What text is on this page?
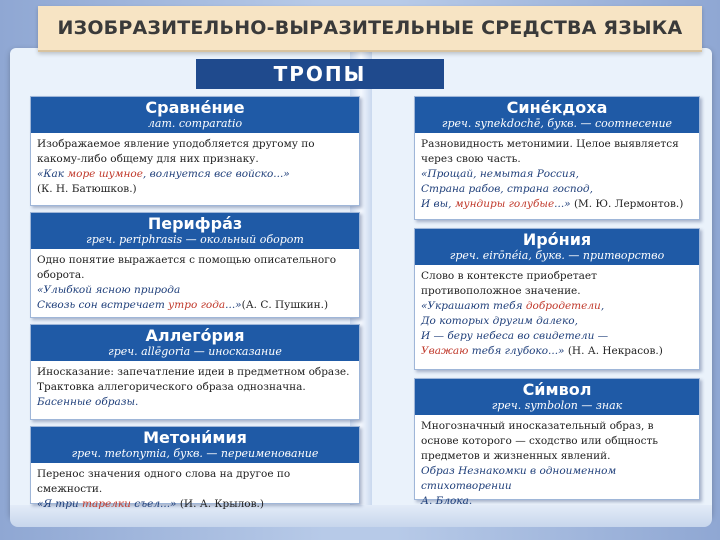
ИЗОБРАЗИТЕЛЬНО-ВЫРАЗИТЕЛЬНЫЕ СРЕДСТВА ЯЗЫКА
ТРОПЫ
Сравне́ние
лат. comparatio
Изображаемое явление уподобляется другому по какому-либо общему для них признаку.
«Как море шумное, волнуется все войско...»
(К. Н. Батюшков.)
Перифра́з
греч. periphrasis — окольный оборот
Одно понятие выражается с помощью описательного оборота.
«Улыбкой ясною природа
Сквозь сон встречает утро года...»(А. С. Пушкин.)
Аллего́рия
греч. allēgoria — иносказание
Иносказание: запечатление идеи в предметном образе. Трактовка аллегорического образа однозначна.
Басенные образы.
Метони́мия
греч. metonymia, букв. — переименование
Перенос значения одного слова на другое по смежности.
«Я три тарелки съел...» (И. А. Крылов.)
Сине́кдоха
греч. synekdochē, букв. — соотнесение
Разновидность метонимии. Целое выявляется через свою часть.
«Прощай, немытая Россия,
Страна рабов, страна господ,
И вы, мундиры голубые...» (М. Ю. Лермонтов.)
Иро́ния
греч. eirōnéia, букв. — притворство
Слово в контексте приобретает противоположное значение.
«Украшают тебя добродетели,
До которых другим далеко,
И — беру небеса во свидетели —
Уважаю тебя глубоко...» (Н. А. Некрасов.)
Си́мвол
греч. symbolon — знак
Многозначный иносказательный образ, в основе которого — сходство или общность предметов и жизненных явлений.
Образ Незнакомки в одноименном стихотворении
А. Блока.
